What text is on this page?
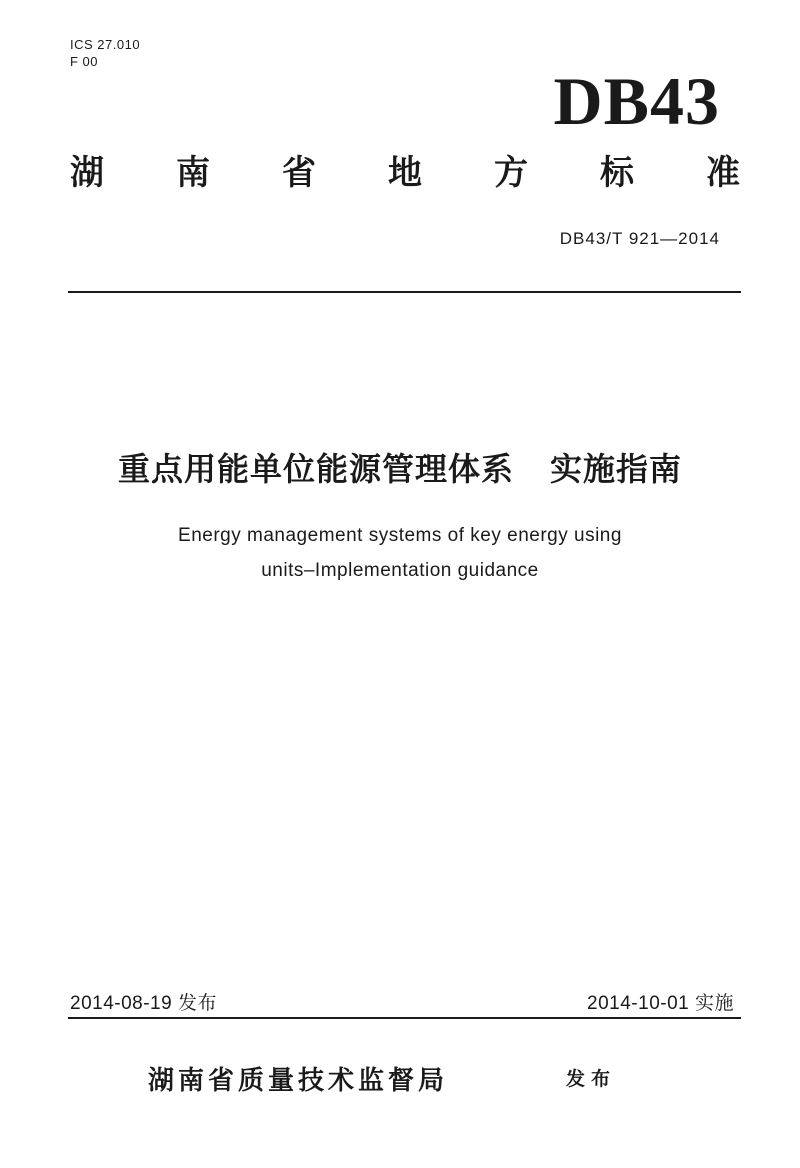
ICS 27.010
F 00
DB43
湖 南 省 地 方 标 准
DB43/T 921—2014
重点用能单位能源管理体系 实施指南
Energy management systems of key energy using
units–Implementation guidance
2014-08-19 发布	2014-10-01 实施
湖南省质量技术监督局	发布
